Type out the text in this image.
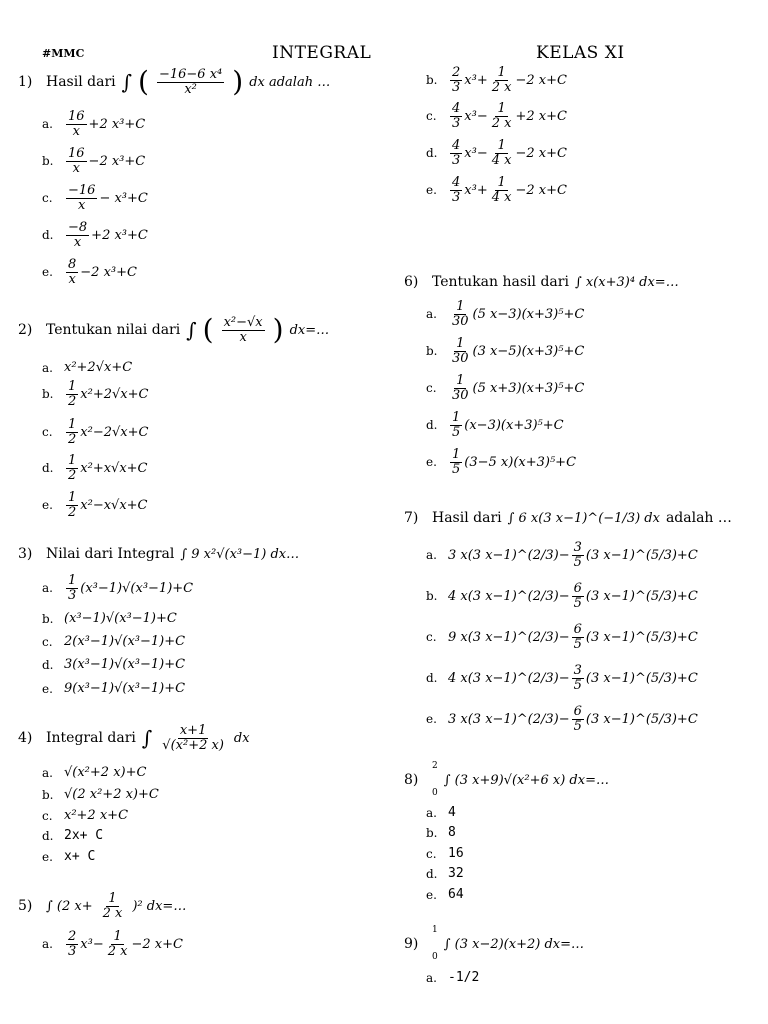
#MMC	INTEGRAL	KELAS XI
1) Hasil dari ∫ ( $\frac{\text{−16−6 x⁴}}{\text{x²}}$ ) dx adalah …
a.	$\frac{16}{x} +2$ x³+C
b. $\frac{16}{x} -2$ x³+C
c.	$\frac{-16}{x} - x^3+C$
d. $\frac{-8}{x} +2$ x³+C
e.	$\frac{8}{x} -2$ x³+C
2) Tentukan nilai dari ∫ ( $\frac{\text{x²−√x}}{x}$ ) dx=…
a. x²+2√x+C
b. $\frac{1}{2} x^2+2√x+C$
c.	$\frac{1}{2} x^2-2√x+C$
d. $\frac{1}{2} x^2+x√x+C$
e.	$\frac{1}{2} x^2-x√x+C$
3) Nilai dari Integral ∫ 9 x²√(x³−1) dx…
a.	$\frac{1}{3} (x^3-1)√(x^3-1)+C$
b. (x³−1)√(x³−1)+C
c. 2(x³−1)√(x³−1)+C
d. 3(x³−1)√(x³−1)+C
e. 9(x³−1)√(x³−1)+C
4) Integral dari ∫ $\frac{x+1}{\text{√(x²+2 x)}}$ dx
a. √(x²+2 x)+C
b. √(2 x²+2 x)+C
c. x²+2 x+C
d. 2x+ C
e. x+ C
5)	∫ (2 $x+ \frac{1}{2 x} )^2$ dx=…
a.	$\frac{2}{3} x^3- \frac{1}{2 x} -2$ x+C
b. $\frac{2}{3} x^3+ \frac{1}{2 x} -2$ x+C
c.	$\frac{4}{3} x^3- \frac{1}{2 x} +2$ x+C
d. $\frac{4}{3} x^3- \frac{1}{4 x} -2$ x+C
e.	$\frac{4}{3} x^3+ \frac{1}{4 x} -2$ x+C
6) Tentukan hasil dari ∫ x(x+3)⁴ dx=…
a.	$\frac{1}{30} (5$ x−3)(x+3)⁵+C
b. $\frac{1}{30} (3$ x−5)(x+3)⁵+C
c.	$\frac{1}{30} (5$ x+3)(x+3)⁵+C
d. $\frac{1}{5} (x-3)(x+3)^5+C$
e.	$\frac{1}{5} (3-5$ x)(x+3)⁵+C
7) Hasil dari ∫ 6 x(3 x−1)^(−1/3) dx adalah …
a. 3 x(3 x−1)^(2/3)− $\frac{3}{5} (3$ x−1)^(5/3)+C
b. 4 x(3 x−1)^(2/3)− $\frac{6}{5} (3$ x−1)^(5/3)+C
c. 9 x(3 x−1)^(2/3)− $\frac{6}{5} (3$ x−1)^(5/3)+C
d. 4 x(3 x−1)^(2/3)− $\frac{3}{5} (3$ x−1)^(5/3)+C
e. 3 x(3 x−1)^(2/3)− $\frac{6}{5} (3$ x−1)^(5/3)+C
8)
2
0
∫ (3 x+9)√(x²+6 x) dx=…
a. 4
b. 8
c. 16
d. 32
e. 64
9)
1
0
∫ (3 x−2)(x+2) dx=…
a. -1/2
